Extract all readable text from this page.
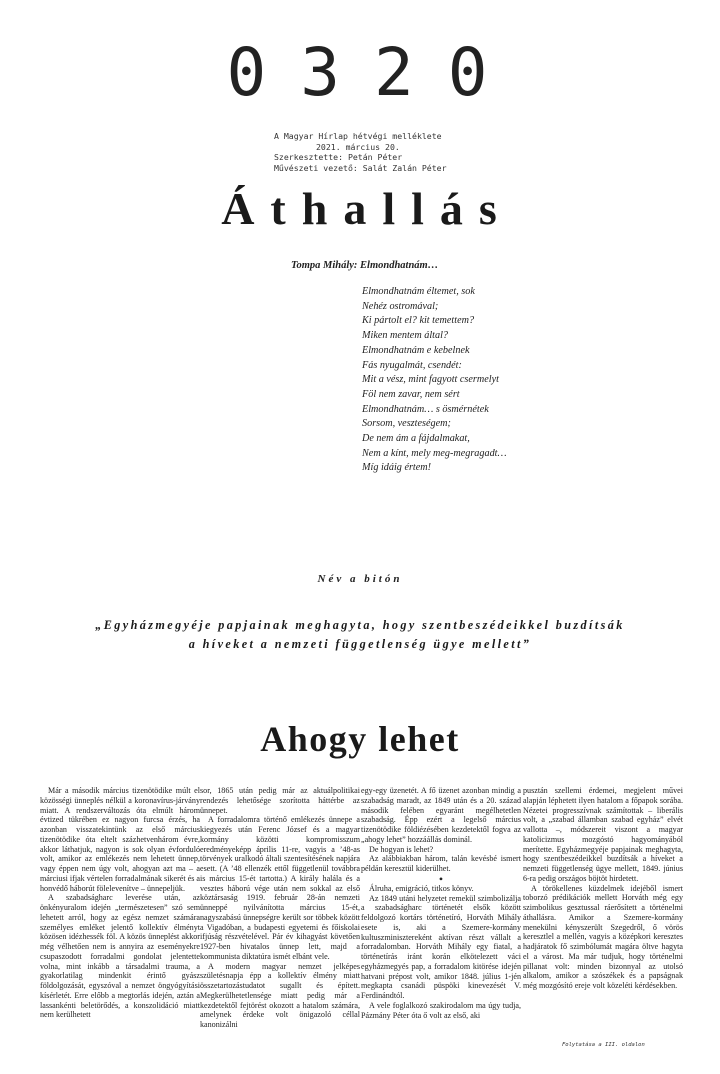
0320
A Magyar Hírlap hétvégi melléklete
2021. március 20.
Szerkesztette: Petán Péter
Művészeti vezető: Salát Zalán Péter
Áthallás
Tompa Mihály: Elmondhatnám…
Elmondhatnám éltemet, sok
Nehéz ostromával;
Ki pártolt el? kit temettem?
Miken mentem által?
Elmondhatnám e kebelnek
Fás nyugalmát, csendét:
Mit a vész, mint fagyott csermelyt
Föl nem zavar, nem sért
Elmondhatnám… s ösmérnétek
Sorsom, veszteségem;
De nem ám a fájdalmakat,
Nem a kínt, mely meg-megragadt…
Míg idáig értem!
Név a bitón
„Egyházmegyéje papjainak meghagyta, hogy szentbeszédeikkel buzdítsák
a híveket a nemzeti függetlenség ügye mellett”
Ahogy lehet

Már a második március tizenötödike múlt el közösségi ünneplés nélkül a koronavírus-járvány miatt. A rendszerváltozás óta elmúlt három évtized tükrében ez nagyon furcsa érzés, ha azonban visszatekintünk az első március tizenötödike óta eltelt százhetvenhárom évre, akkor láthatjuk, nagyon is sok olyan évforduló volt, amikor az emlékezés nem lehetett ünnep, vagy éppen nem úgy volt, ahogyan azt ma – a márciusi ifjak vértelen forradalmának sikerét és a honvédő háborút fölelevenítve – ünnepeljük.

A szabadságharc leverése után, az önkényuralom idején „természetesen” szó sem lehetett arról, hogy az egész nemzet számára személyes emléket jelentő kollektív élményt közösen idézhessék föl. A közös ünneplést akkor még vélhetően nem is annyira az eseményekre csupaszodott forradalmi gondolat jelentette volna, mint inkább a társadalmi trauma, a gyakorlatilag mindenkit érintő gyász földolgozását, egyszóval a nemzet öngyógyítási kísérletét. Erre előbb a megtorlás idején, aztán a lassankénti beletörődés, a konszolidáció miatt nem kerülhetett

sor, 1865 után pedig már az aktuálpolitikai rendezés lehetősége szorította háttérbe az ünnepet.

A forradalomra történő emlékezés ünnepe a kiegyezés után Ferenc József és a magyar kormány közötti kompromisszum eredményeképp április 11-re, vagyis a ’48-as törvények uralkodó általi szentesítésének napjára esett. (A ’48 ellenzék ettől függetlenül továbbra is március 15-ét tartotta.) A király halála és a vesztes háború vége után nem sokkal az első köztársaság 1919. február 28-án nemzeti ünneppé nyilvánította március 15-ét, nagyszabású ünnepségre került sor többek között a Vigadóban, a budapesti egyetemi és főiskolai ifjúság részvételével. Pár év kihagyást követően 1927-ben hivatalos ünnep lett, majd a kommunista diktatúra ismét elbánt vele.

A modern magyar nemzet jelképes születésnapja épp a kollektív élmény miatt összetartozástudatot sugallt és épített. Megkerülhetetlensége miatt pedig már a kezdetektől fejtörést okozott a hatalom számára, amelynek érdeke volt önigazoló céllal kanonizálni

egy-egy üzenetét. A fő üzenet azonban mindig a szabadság maradt, az 1849 után és a 20. század második felében egyaránt megélhetetlen szabadság. Épp ezért a legelső március tizenötödike földiézésében kezdetektől fogva az „ahogy lehet” hozzáállás dominál.

De hogyan is lehet?

Az alábbiakban három, talán kevésbé ismert példán keresztül kiderülhet.

•

Álruha, emigráció, titkos könyv.

Az 1849 utáni helyzetet remekül szimbolizálja a szabadságharc történetét elsők között feldolgozó kortárs történetíró, Horváth Mihály esete is, aki a Szemere-kormány kultuszminisztereként aktívan részt vállalt a forradalomban. Horváth Mihály egy fiatal, a történetírás iránt korán elkötelezett vácі egyházmegyés pap, a forradalom kitörése idején hatvani prépost volt, amikor 1848. július 1-jén megkapta csanádi püspöki kinevezését V. Ferdinándtól.

A vele foglalkozó szakirodalom ma úgy tudja, Pázmány Péter óta ő volt az első, aki

pusztán szellemi érdemei, megjelent művei alapján léphetett ilyen hatalom a főpapok sorába. Nézetei progresszívnak számítottak – liberális volt, a „szabad államban szabad egyház” elvét vallotta –, módszereit viszont a magyar katolicizmus mozgóstó hagyományából merítette. Egyházmegyéje papjainak meghagyta, hogy szentbeszédeikkel buzdítsák a híveket a nemzeti függetlenség ügye mellett, 1849. június 6-ra pedig országos böjtöt hirdetett.

A törökellenes küzdelmek idejéből ismert toborzó prédikációk mellett Horváth még egy szimbolikus gesztussal ráerősített a történelmi áthallásra. Amikor a Szemere-kormány menekülni kényszerült Szegedről, ő vörös keresztlel a mellén, vagyis a középkori keresztes hadjáratok fő szimbólumát magára öltve hagyta el a várost. Ma már tudjuk, hogy történelmi pillanat volt: minden bizonnyal az utolsó alkalom, amikor a szószékek és a papságnak még mozgósító ereje volt közeléti kérdésekben.

Folytatása a III. oldalon
